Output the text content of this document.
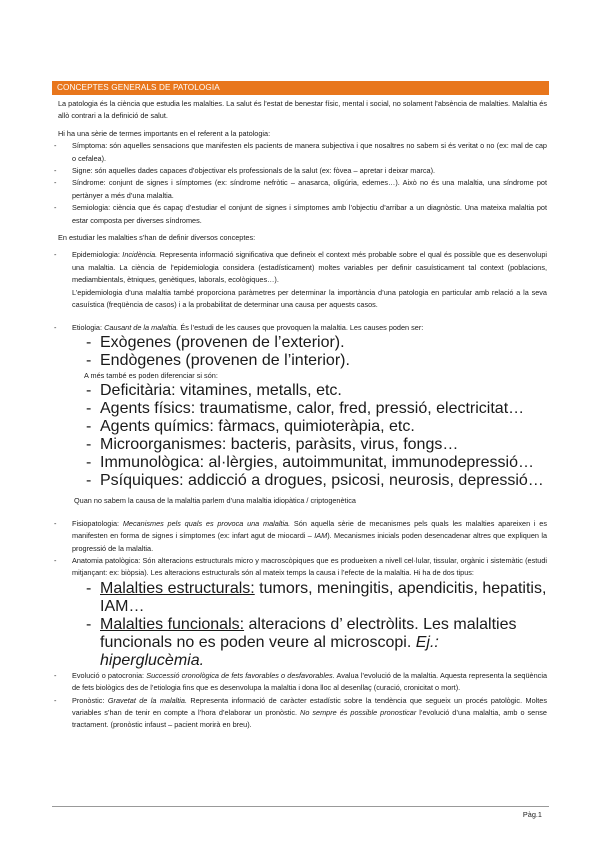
CONCEPTES GENERALS DE PATOLOGIA

La patologia és la ciència que estudia les malalties. La salut és l’estat de benestar físic, mental i social, no solament l’absència de malalties. Malaltia és allò contrari a la definició de salut.

Hi ha una sèrie de termes importants en el referent a la patologia:

- Símptoma: són aquelles sensacions que manifesten els pacients de manera subjectiva i que nosaltres no sabem si és veritat o no (ex: mal de cap o cefalea).
- Signe: són aquelles dades capaces d’objectivar els professionals de la salut (ex: fòvea – apretar i deixar marca).
- Síndrome: conjunt de signes i símptomes (ex: síndrome nefròtic – anasarca, oligúria, edemes…). Això no és una malaltia, una síndrome pot pertànyer a més d’una malaltia.
- Semiologia: ciència que és capaç d’estudiar el conjunt de signes i símptomes amb l’objectiu d’arribar a un diagnòstic. Una mateixa malaltia pot estar composta per diverses síndromes.

En estudiar les malalties s’han de definir diversos conceptes:

- Epidemiologia: Incidència. Representa informació significativa que defineix el context més probable sobre el qual és possible que es desenvolupi una malaltia. La ciència de l’epidemiologia considera (estadísticament) moltes variables per definir casuísticament tal context (poblacions, mediambientals, ètniques, genètiques, laborals, ecològiques…).

L’epidemiologia d’una malaltia també proporciona paràmetres per determinar la importància d’una patologia en particular amb relació a la seva casuística (freqüència de casos) i a la probabilitat de determinar una causa per aquests casos.

- Etiologia: Causant de la malaltia. És l’estudi de les causes que provoquen la malaltia. Les causes poden ser:
- Exògenes (provenen de l’exterior).
- Endògenes (provenen de l’interior).

A més també es poden diferenciar si són:

- Deficitària: vitamines, metalls, etc.
- Agents físics: traumatisme, calor, fred, pressió, electricitat…
- Agents químics: fàrmacs, quimioteràpia, etc.
- Microorganismes: bacteris, paràsits, virus, fongs…
- Immunològica: al·lèrgies, autoimmunitat, immunodepressió…
- Psíquiques: addicció a drogues, psicosi, neurosis, depressió…

Quan no sabem la causa de la malaltia parlem d’una malaltia idiopàtica / criptogenètica

- Fisiopatologia: Mecanismes pels quals es provoca una malaltia. Són aquella sèrie de mecanismes pels quals les malalties apareixen i es manifesten en forma de signes i símptomes (ex: infart agut de miocardi – IAM). Mecanismes inicials poden desencadenar altres que expliquen la progressió de la malaltia.
- Anatomia patològica: Són alteracions estructurals micro y macroscòpiques que es produeixen a nivell cel·lular, tissular, orgànic i sistemàtic (estudi mitjançant: ex: biòpsia). Les alteracions estructurals són al mateix temps la causa i l’efecte de la malaltia. Hi ha de dos tipus:
- Malalties estructurals: tumors, meningitis, apendicitis, hepatitis, IAM…
- Malalties funcionals: alteracions d’ electròlits. Les malalties funcionals no es poden veure al microscopi. Ej.: hiperglucèmia.
- Evolució o patocronia: Successió cronològica de fets favorables o desfavorables. Avalua l’evolució de la malaltia. Aquesta representa la seqüència de fets biològics des de l’etiologia fins que es desenvolupa la malaltia i dona lloc al desenllaç (curació, cronicitat o mort).
- Pronòstic: Gravetat de la malaltia. Representa informació de caràcter estadístic sobre la tendència que segueix un procés patològic. Moltes variables s’han de tenir en compte a l’hora d’elaborar un pronòstic. No sempre és possible pronosticar l’evolució d’una malaltia, amb o sense tractament. (pronòstic infaust – pacient morirà en breu).
Pàg.1
